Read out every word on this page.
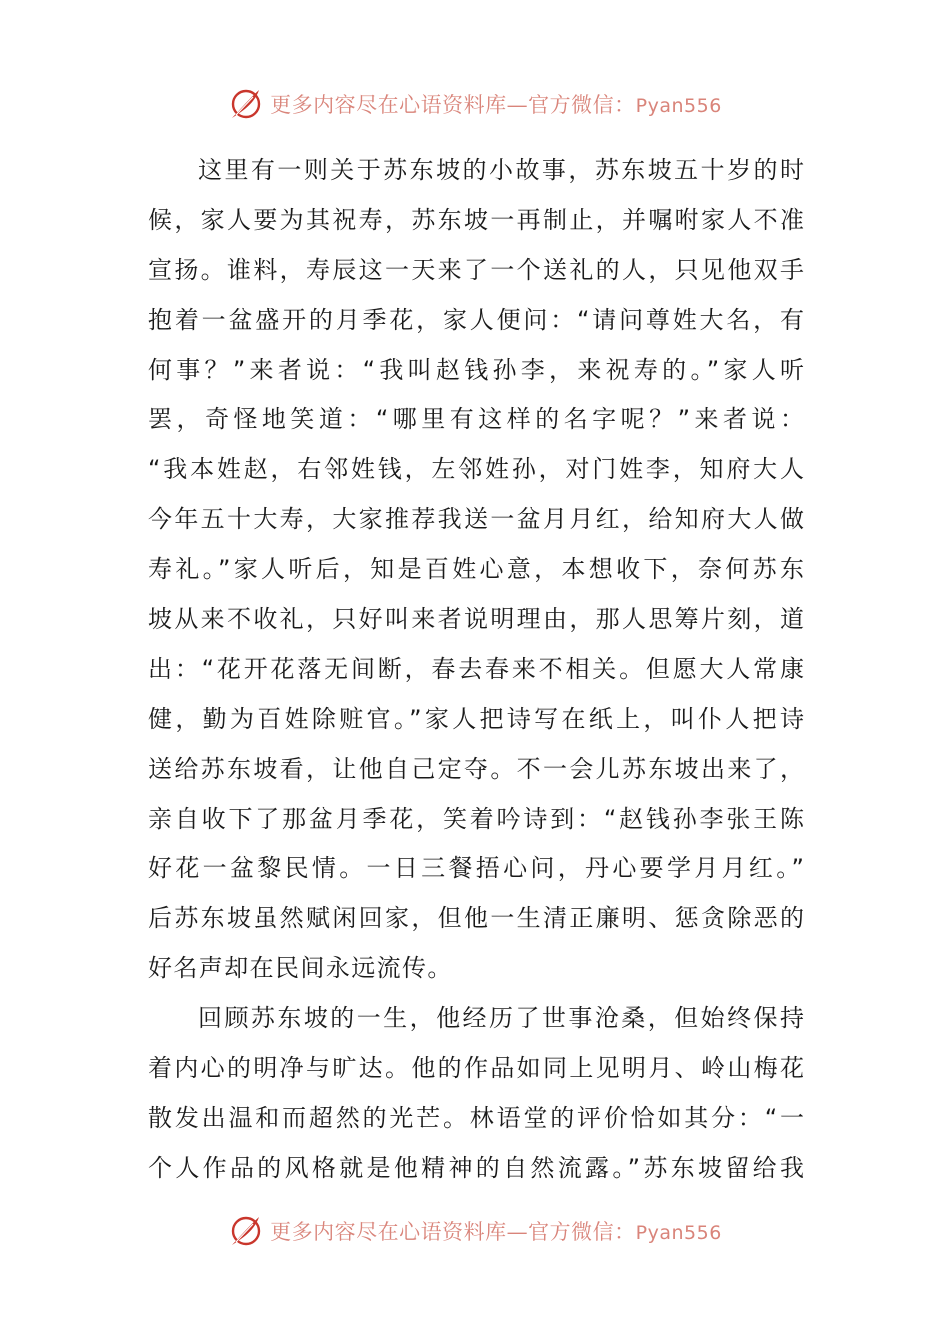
更多内容尽在心语资料库—官方微信：Pyan556
这里有一则关于苏东坡的小故事，苏东坡五十岁的时
候，家人要为其祝寿，苏东坡一再制止，并嘱咐家人不准
宣扬。谁料，寿辰这一天来了一个送礼的人，只见他双手
抱着一盆盛开的月季花，家人便问：“请问尊姓大名，有
何事？”来者说：“我叫赵钱孙李，来祝寿的。”家人听
罢，奇怪地笑道：“哪里有这样的名字呢？”来者说：
“我本姓赵，右邻姓钱，左邻姓孙，对门姓李，知府大人
今年五十大寿，大家推荐我送一盆月月红，给知府大人做
寿礼。”家人听后，知是百姓心意，本想收下，奈何苏东
坡从来不收礼，只好叫来者说明理由，那人思筹片刻，道
出：“花开花落无间断，春去春来不相关。但愿大人常康
健，勤为百姓除赃官。”家人把诗写在纸上，叫仆人把诗
送给苏东坡看，让他自己定夺。不一会儿苏东坡出来了，
亲自收下了那盆月季花，笑着吟诗到：“赵钱孙李张王陈
好花一盆黎民情。一日三餐捂心问，丹心要学月月红。”
后苏东坡虽然赋闲回家，但他一生清正廉明、惩贪除恶的
好名声却在民间永远流传。
回顾苏东坡的一生，他经历了世事沧桑，但始终保持
着内心的明净与旷达。他的作品如同上见明月、岭山梅花
散发出温和而超然的光芒。林语堂的评价恰如其分：“一
个人作品的风格就是他精神的自然流露。”苏东坡留给我
更多内容尽在心语资料库—官方微信：Pyan556
